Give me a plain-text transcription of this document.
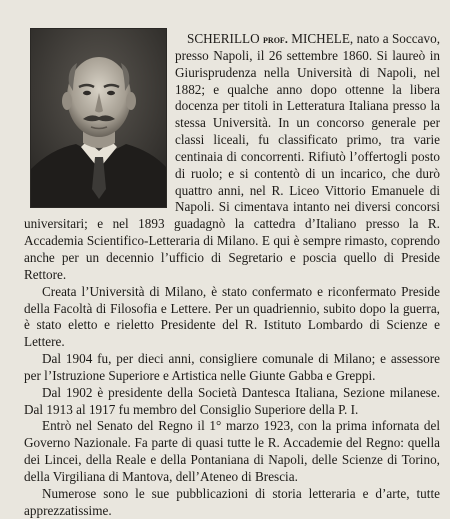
SCHERILLO prof. MICHELE, nato a Soccavo, presso Napoli, il 26 settembre 1860. Si laureò in Giurisprudenza nella Università di Napoli, nel 1882; e qualche anno dopo ottenne la libera docenza per titoli in Letteratura Italiana presso la stessa Università. In un concorso generale per classi liceali, fu classificato primo, tra varie centinaia di concorrenti. Rifiutò l’offertogli posto di ruolo; e si contentò di un incarico, che durò quattro anni, nel R. Liceo Vittorio Emanuele di Napoli. Si cimentava intanto nei diversi concorsi universitari; e nel 1893 guadagnò la cattedra d’Italiano presso la R. Accademia Scientifico-Letteraria di Milano. E qui è sempre rimasto, coprendo anche per un decennio l’ufficio di Segretario e poscia quello di Preside Rettore.

Creata l’Università di Milano, è stato confermato e riconfermato Preside della Facoltà di Filosofia e Lettere. Per un quadriennio, subito dopo la guerra, è stato eletto e rieletto Presidente del R. Istituto Lombardo di Scienze e Lettere.

Dal 1904 fu, per dieci anni, consigliere comunale di Milano; e assessore per l’Istruzione Superiore e Artistica nelle Giunte Gabba e Greppi.

Dal 1902 è presidente della Società Dantesca Italiana, Sezione milanese. Dal 1913 al 1917 fu membro del Consiglio Superiore della P. I.

Entrò nel Senato del Regno il 1° marzo 1923, con la prima infornata del Governo Nazionale. Fa parte di quasi tutte le R. Accademie del Regno: quella dei Lincei, della Reale e della Pontaniana di Napoli, delle Scienze di Torino, della Virgiliana di Mantova, dell’Ateneo di Brescia.

Numerose sono le sue pubblicazioni di storia letteraria e d’arte, tutte apprezzatissime.
